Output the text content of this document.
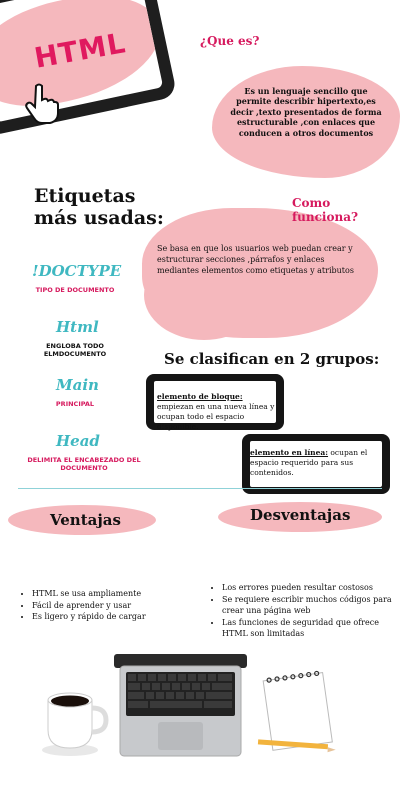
HTML	¿Que es?
Es un lenguaje sencillo que permite describir hipertexto,es decir ,texto presentados de forma estructurable ,con enlaces que conducen a otros documentos
Etiquetas más usadas:
Como funciona?
Se basa en que los usuarios web puedan crear y estructurar secciones ,párrafos y enlaces mediantes elementos como etiquetas y atributos
!DOCTYPE
TIPO DE DOCUMENTO
Html
ENGLOBA TODO ELMDOCUMENTO
Main
PRINCIPAL
Head
DELIMITA EL ENCABEZADO DEL DOCUMENTO
Se clasifican en 2 grupos:
elemento de bloque: empiezan en una nueva línea y ocupan todo el espacio disponible.
elemento en línea: ocupan el espacio requerido para sus contenidos.
Ventajas	Desventajas
• HTML se usa ampliamente
• Fácil de aprender y usar
• Es ligero y rápido de cargar
• Los errores pueden resultar costosos
• Se requiere escribir muchos códigos para crear una página web
• Las funciones de seguridad que ofrece HTML son limitadas
